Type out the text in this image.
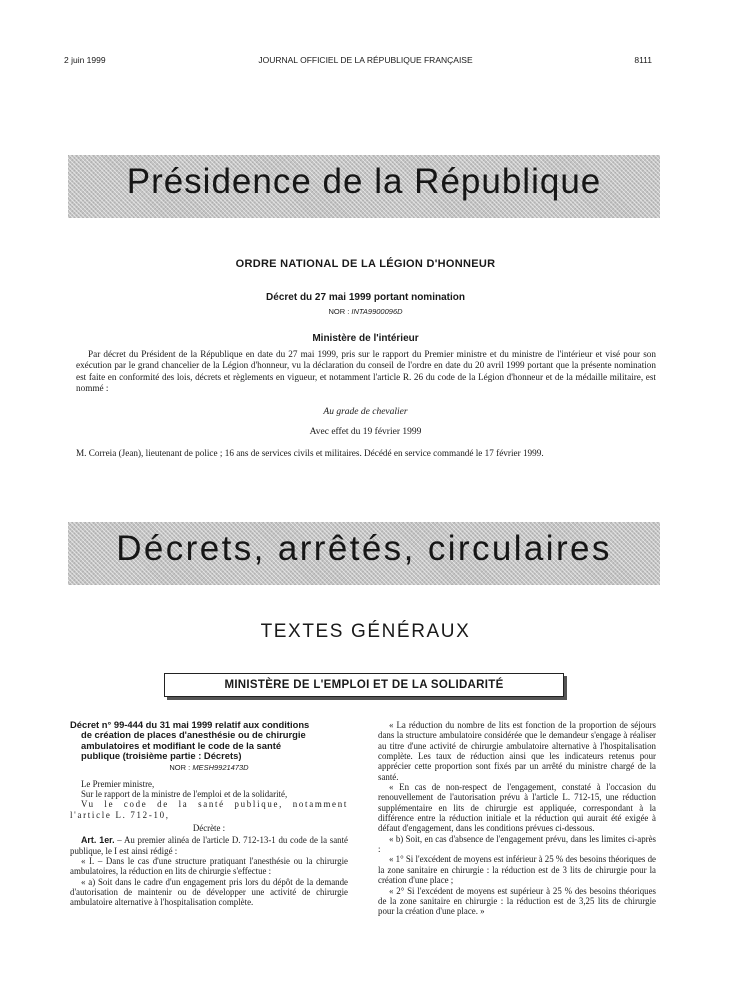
2 juin 1999	JOURNAL OFFICIEL DE LA RÉPUBLIQUE FRANÇAISE	8111
Présidence de la République
ORDRE NATIONAL DE LA LÉGION D'HONNEUR
Décret du 27 mai 1999 portant nomination
NOR : INTA9900096D
Ministère de l'intérieur
Par décret du Président de la République en date du 27 mai 1999, pris sur le rapport du Premier ministre et du ministre de l'intérieur et visé pour son exécution par le grand chancelier de la Légion d'honneur, vu la déclaration du conseil de l'ordre en date du 20 avril 1999 portant que la présente nomination est faite en conformité des lois, décrets et règlements en vigueur, et notamment l'article R. 26 du code de la Légion d'honneur et de la médaille militaire, est nommé :
Au grade de chevalier
Avec effet du 19 février 1999
M. Correia (Jean), lieutenant de police ; 16 ans de services civils et militaires. Décédé en service commandé le 17 février 1999.
Décrets, arrêtés, circulaires
TEXTES GÉNÉRAUX
MINISTÈRE DE L'EMPLOI ET DE LA SOLIDARITÉ
Décret n° 99-444 du 31 mai 1999 relatif aux conditions
de création de places d'anesthésie ou de chirurgie
ambulatoires et modifiant le code de la santé
publique (troisième partie : Décrets)
NOR : MESH9921473D

Le Premier ministre,

Sur le rapport de la ministre de l'emploi et de la solidarité,

Vu le code de la santé publique, notamment l'article L. 712-10,

Décrète :

Art. 1er. – Au premier alinéa de l'article D. 712-13-1 du code de la santé publique, le I est ainsi rédigé :

« I. – Dans le cas d'une structure pratiquant l'anesthésie ou la chirurgie ambulatoires, la réduction en lits de chirurgie s'effectue :

« a) Soit dans le cadre d'un engagement pris lors du dépôt de la demande d'autorisation de maintenir ou de développer une activité de chirurgie ambulatoire alternative à l'hospitalisation complète.

« La réduction du nombre de lits est fonction de la proportion de séjours dans la structure ambulatoire considérée que le demandeur s'engage à réaliser au titre d'une activité de chirurgie ambulatoire alternative à l'hospitalisation complète. Les taux de réduction ainsi que les indicateurs retenus pour apprécier cette proportion sont fixés par un arrêté du ministre chargé de la santé.

« En cas de non-respect de l'engagement, constaté à l'occasion du renouvellement de l'autorisation prévu à l'article L. 712-15, une réduction supplémentaire en lits de chirurgie est appliquée, correspondant à la différence entre la réduction initiale et la réduction qui aurait été exigée à défaut d'engagement, dans les conditions prévues ci-dessous.

« b) Soit, en cas d'absence de l'engagement prévu, dans les limites ci-après :

« 1° Si l'excédent de moyens est inférieur à 25 % des besoins théoriques de la zone sanitaire en chirurgie : la réduction est de 3 lits de chirurgie pour la création d'une place ;

« 2° Si l'excédent de moyens est supérieur à 25 % des besoins théoriques de la zone sanitaire en chirurgie : la réduction est de 3,25 lits de chirurgie pour la création d'une place. »
